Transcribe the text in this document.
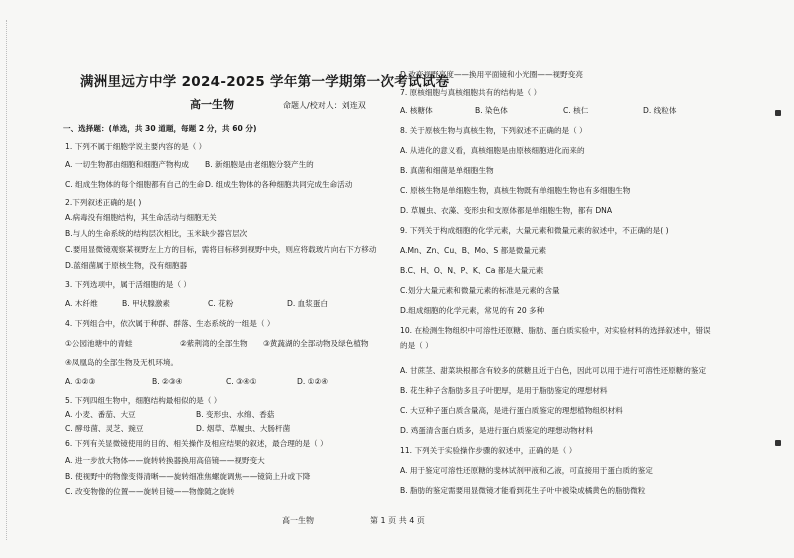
满洲里远方中学 2024-2025 学年第一学期第一次考试试卷
高一生物	命题人/校对人：刘连双
一、选择题：(单选，共 30 道题，每题 2 分，共 60 分)
1. 下列不属于细胞学说主要内容的是（ ）
A. 一切生物都由细胞和细胞产物构成 B. 新细胞是由老细胞分裂产生的
C. 组成生物体的每个细胞都有自己的生命 D. 组成生物体的各种细胞共同完成生命活动
2.下列叙述正确的是( )
A.病毒没有细胞结构，其生命活动与细胞无关
B.与人的生命系统的结构层次相比，玉米缺少器官层次
C.要用显微镜观察某视野左上方的目标，需将目标移到视野中央，则应将载玻片向右下方移动
D.蓝细菌属于原核生物，没有细胞器
3. 下列选项中，属于活细胞的是（ ）
A. 木纤维	B. 甲状腺激素	C. 花粉	D. 血浆蛋白
4. 下列组合中，依次属于种群、群落、生态系统的一组是（ ）
①公园池塘中的青蛙	②紫荆湾的全部生物 ③黄蔬湖的全部动物及绿色植物
④凤凰岛的全部生物及无机环境。
A. ①②③	B. ②③④	C. ③④①	D. ①②④
5. 下列四组生物中，细胞结构最相似的是（ ）
A. 小麦、番茄、大豆	B. 变形虫、水绵、香菇
C. 酵母菌、灵芝、豌豆	D. 烟草、草履虫、大肠杆菌
6. 下列有关显微镜使用的目的、相关操作及相应结果的叙述，最合理的是（ ）
A. 进一步放大物体——旋转转换器换用高倍镜——视野变大
B. 使视野中的物像变得清晰——旋转细准焦螺旋调焦——镜筒上升或下降
C. 改变物像的位置——旋转目镜——物像随之旋转
D.改变视野亮度——换用平面镜和小光圈——视野变亮
7. 原核细胞与真核细胞共有的结构是（ ）
A. 核糖体	B. 染色体	C. 核仁	D. 线粒体
8. 关于原核生物与真核生物，下列叙述不正确的是（ ）
A. 从进化的意义看，真核细胞是由原核细胞进化而来的
B. 真菌和细菌是单细胞生物
C. 原核生物是单细胞生物，真核生物既有单细胞生物也有多细胞生物
D. 草履虫、衣藻、变形虫和支原体都是单细胞生物，都有 DNA
9. 下列关于构成细胞的化学元素，大量元素和微量元素的叙述中，不正确的是( )
A.Mn、Zn、Cu、B、Mo、S 都是微量元素
B.C、H、O、N、P、K、Ca 都是大量元素
C.划分大量元素和微量元素的标准是元素的含量
D.组成细胞的化学元素，常见的有 20 多种
10. 在检测生物组织中可溶性还原糖、脂肪、蛋白质实验中，对实验材料的选择叙述中，错误
的是（ ）
A. 甘蔗茎、甜菜块根都含有较多的蔗糖且近于白色，因此可以用于进行可溶性还原糖的鉴定
B. 花生种子含脂肪多且子叶肥厚，是用于脂肪鉴定的理想材料
C. 大豆种子蛋白质含量高，是进行蛋白质鉴定的理想植物组织材料
D. 鸡蛋清含蛋白质多，是进行蛋白质鉴定的理想动物材料
11. 下列关于实验操作步骤的叙述中，正确的是（ ）
A. 用于鉴定可溶性还原糖的斐林试剂甲液和乙液，可直接用于蛋白质的鉴定
B. 脂肪的鉴定需要用显微镜才能看到花生子叶中被染成橘黄色的脂肪微粒
高一生物	第 1 页 共 4 页
